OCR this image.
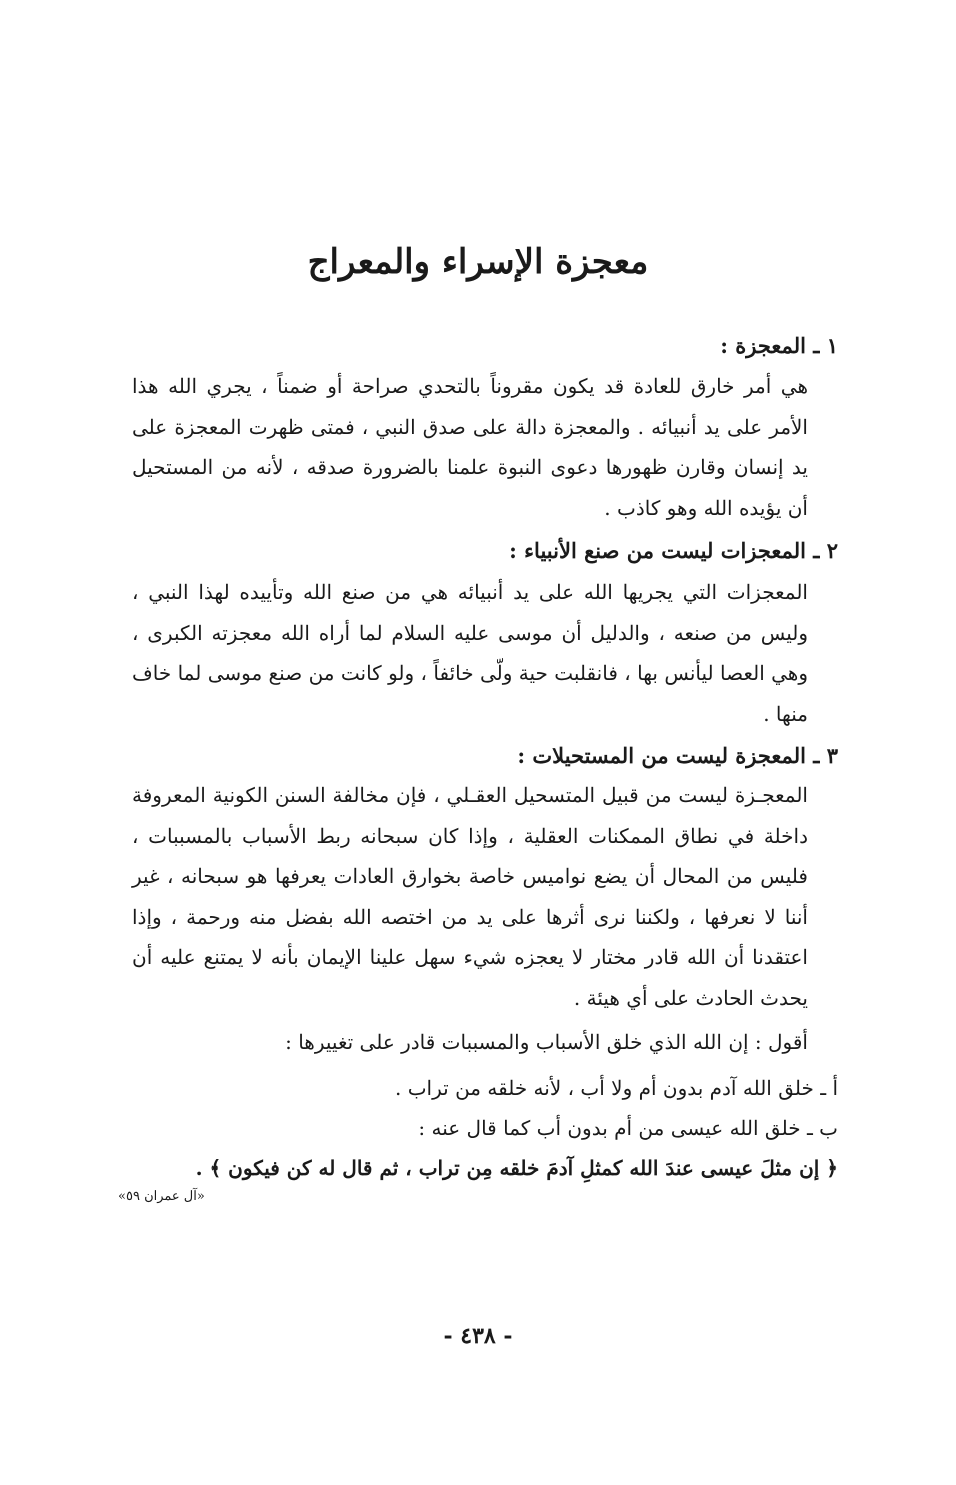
معجزة الإسراء والمعراج
١ ـ المعجزة :
هي أمر خارق للعادة قد يكون مقروناً بالتحدي صراحة أو ضمناً ، يجري الله هذا الأمر على يد أنبيائه . والمعجزة دالة على صدق النبي ، فمتى ظهرت المعجزة على يد إنسان وقارن ظهورها دعوى النبوة علمنا بالضرورة صدقه ، لأنه من المستحيل أن يؤيده الله وهو كاذب .
٢ ـ المعجزات ليست من صنع الأنبياء :
المعجزات التي يجريها الله على يد أنبيائه هي من صنع الله وتأييده لهذا النبي ، وليس من صنعه ، والدليل أن موسى عليه السلام لما أراه الله معجزته الكبرى ، وهي العصا ليأنس بها ، فانقلبت حية ولّى خائفاً ، ولو كانت من صنع موسى لما خاف منها .
٣ ـ المعجزة ليست من المستحيلات :
المعجـزة ليست من قبيل المتسحيل العقـلي ، فإن مخالفة السنن الكونية المعروفة داخلة في نطاق الممكنات العقلية ، وإذا كان سبحانه ربط الأسباب بالمسببات ، فليس من المحال أن يضع نواميس خاصة بخوارق العادات يعرفها هو سبحانه ، غير أننا لا نعرفها ، ولكننا نرى أثرها على يد من اختصه الله بفضل منه ورحمة ، وإذا اعتقدنا أن الله قادر مختار لا يعجزه شيء سهل علينا الإيمان بأنه لا يمتنع عليه أن يحدث الحادث على أي هيئة .
أقول : إن الله الذي خلق الأسباب والمسببات قادر على تغييرها :
أ ـ خلق الله آدم بدون أم ولا أب ، لأنه خلقه من تراب .
ب ـ خلق الله عيسى من أم بدون أب كما قال عنه :
﴿ إن مثلَ عيسى عندَ الله كمثلِ آدمَ خلقه مِن تراب ، ثم قال له كن فيكون ﴾ .
«آل عمران ٥٩»
- ٤٣٨ -
